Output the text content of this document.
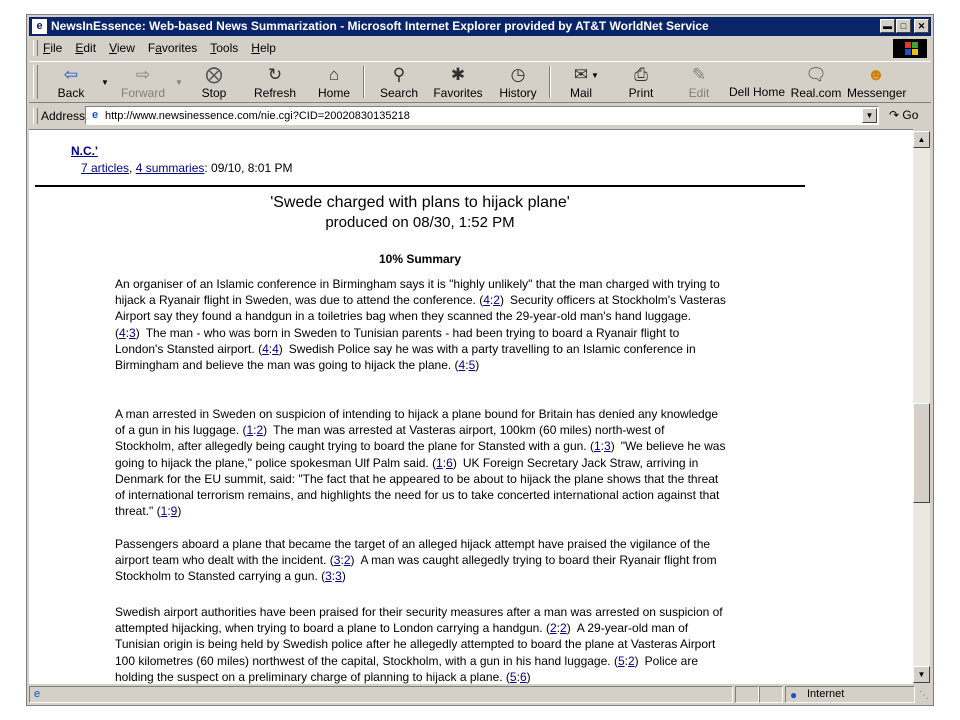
e NewsInEssence: Web-based News Summarization - Microsoft Internet Explorer provided by AT&T WorldNet Service	▬ □ ✕
File Edit View Favorites Tools Help
⇦
Back
▼	⇨
Forward
▼	⨂
Stop
↻
Refresh
⌂
Home
⚲
Search
✱
Favorites
◷
History
✉
Mail
▼	⎙
Print
✎
Edit	Dell Home
🗨
Real.com
☻
Messenger
Address e
http://www.newsinessence.com/nie.cgi?CID=20020830135218	▼ ↷ Go
N.C.'
7 articles, 4 summaries: 09/10, 8:01 PM
'Swede charged with plans to hijack plane'
produced on 08/30, 1:52 PM
10% Summary
An organiser of an Islamic conference in Birmingham says it is "highly unlikely" that the man charged with trying to hijack a Ryanair flight in Sweden, was due to attend the conference. (4:2) Security officers at Stockholm's Vasteras Airport say they found a handgun in a toiletries bag when they scanned the 29-year-old man's hand luggage. (4:3) The man - who was born in Sweden to Tunisian parents - had been trying to board a Ryanair flight to London's Stansted airport. (4:4) Swedish Police say he was with a party travelling to an Islamic conference in Birmingham and believe the man was going to hijack the plane. (4:5)
A man arrested in Sweden on suspicion of intending to hijack a plane bound for Britain has denied any knowledge of a gun in his luggage. (1:2) The man was arrested at Vasteras airport, 100km (60 miles) north-west of Stockholm, after allegedly being caught trying to board the plane for Stansted with a gun. (1:3) "We believe he was going to hijack the plane," police spokesman Ulf Palm said. (1:6) UK Foreign Secretary Jack Straw, arriving in Denmark for the EU summit, said: "The fact that he appeared to be about to hijack the plane shows that the threat of international terrorism remains, and highlights the need for us to take concerted international action against that threat." (1:9)
Passengers aboard a plane that became the target of an alleged hijack attempt have praised the vigilance of the airport team who dealt with the incident. (3:2) A man was caught allegedly trying to board their Ryanair flight from Stockholm to Stansted carrying a gun. (3:3)
Swedish airport authorities have been praised for their security measures after a man was arrested on suspicion of attempted hijacking, when trying to board a plane to London carrying a handgun. (2:2) A 29-year-old man of Tunisian origin is being held by Swedish police after he allegedly attempted to board the plane at Vasteras Airport 100 kilometres (60 miles) northwest of the capital, Stockholm, with a gun in his hand luggage. (5:2) Police are holding the suspect on a preliminary charge of planning to hijack a plane. (5:6)
▲
▼
e	● Internet	⋱
